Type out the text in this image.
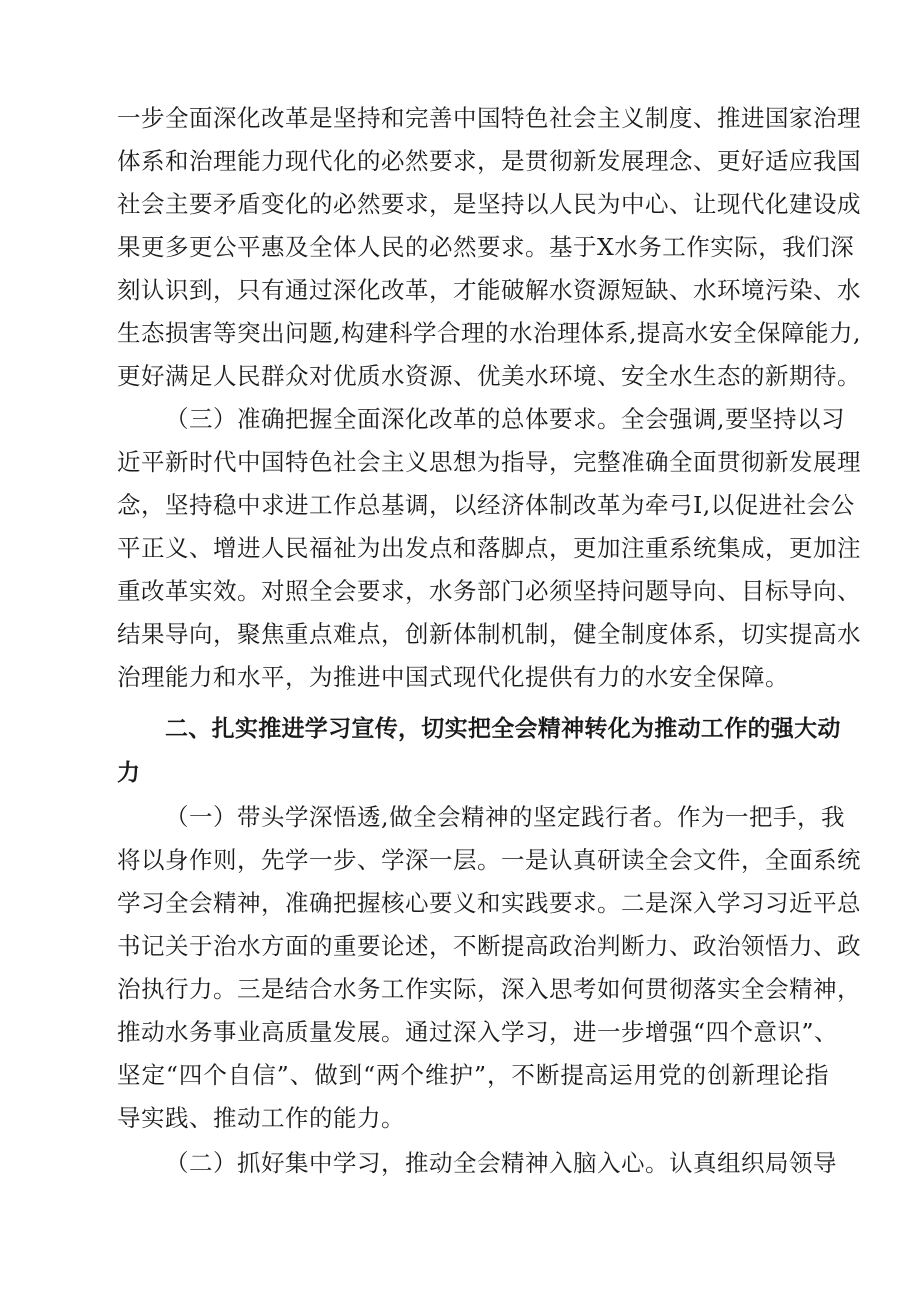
一步全面深化改革是坚持和完善中国特色社会主义制度、推进国家治理
体系和治理能力现代化的必然要求，是贯彻新发展理念、更好适应我国
社会主要矛盾变化的必然要求，是坚持以人民为中心、让现代化建设成
果更多更公平惠及全体人民的必然要求。基于X水务工作实际，我们深
刻认识到，只有通过深化改革，才能破解水资源短缺、水环境污染、水
生态损害等突出问题,构建科学合理的水治理体系,提高水安全保障能力,
更好满足人民群众对优质水资源、优美水环境、安全水生态的新期待。
（三）准确把握全面深化改革的总体要求。全会强调,要坚持以习
近平新时代中国特色社会主义思想为指导，完整准确全面贯彻新发展理
念，坚持稳中求进工作总基调，以经济体制改革为牵弓I,以促进社会公
平正义、增进人民福祉为出发点和落脚点，更加注重系统集成，更加注
重改革实效。对照全会要求，水务部门必须坚持问题导向、目标导向、
结果导向，聚焦重点难点，创新体制机制，健全制度体系，切实提高水
治理能力和水平，为推进中国式现代化提供有力的水安全保障。
二、扎实推进学习宣传，切实把全会精神转化为推动工作的强大动
力
（一）带头学深悟透,做全会精神的坚定践行者。作为一把手，我
将以身作则，先学一步、学深一层。一是认真研读全会文件，全面系统
学习全会精神，准确把握核心要义和实践要求。二是深入学习习近平总
书记关于治水方面的重要论述，不断提高政治判断力、政治领悟力、政
治执行力。三是结合水务工作实际，深入思考如何贯彻落实全会精神，
推动水务事业高质量发展。通过深入学习，进一步增强“四个意识”、
坚定“四个自信”、做到“两个维护”，不断提高运用党的创新理论指
导实践、推动工作的能力。
（二）抓好集中学习，推动全会精神入脑入心。认真组织局领导
